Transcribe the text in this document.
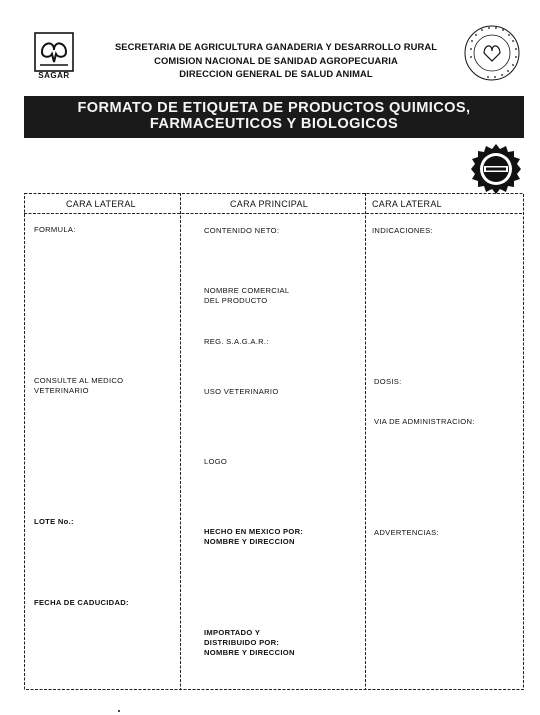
SAGAR
SECRETARIA DE AGRICULTURA GANADERIA Y DESARROLLO RURAL
COMISION NACIONAL DE SANIDAD AGROPECUARIA
DIRECCION GENERAL DE SALUD ANIMAL
FORMATO DE ETIQUETA DE PRODUCTOS QUIMICOS,
FARMACEUTICOS Y BIOLOGICOS
CARA LATERAL	CARA PRINCIPAL	CARA LATERAL
FORMULA:
CONSULTE AL MEDICO
VETERINARIO
LOTE No.:
FECHA DE CADUCIDAD:
CONTENIDO NETO:
NOMBRE COMERCIAL
DEL PRODUCTO
REG. S.A.G.A.R.:
USO VETERINARIO
LOGO
HECHO EN MEXICO POR:
NOMBRE Y DIRECCION
IMPORTADO Y
DISTRIBUIDO POR:
NOMBRE Y DIRECCION
INDICACIONES:
DOSIS:
VIA DE ADMINISTRACION:
ADVERTENCIAS:
